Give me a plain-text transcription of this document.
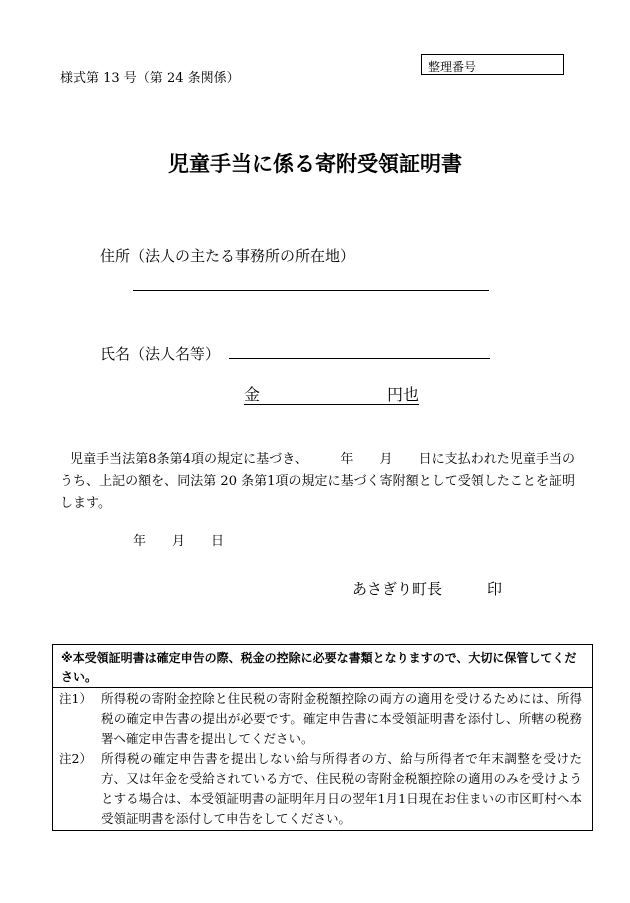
様式第 13 号（第 24 条関係）
整理番号
児童手当に係る寄附受領証明書
住所（法人の主たる事務所の所在地）
氏名（法人名等）
金	円也
児童手当法第8条第4項の規定に基づき、　　　年　　月　　日に支払われた児童手当のうち、上記の額を、同法第 20 条第1項の規定に基づく寄附額として受領したことを証明します。
年　　月　　日
あさぎり町長　　　印
※本受領証明書は確定申告の際、税金の控除に必要な書類となりますので、大切に保管してください。
注1） 所得税の寄附金控除と住民税の寄附金税額控除の両方の適用を受けるためには、所得税の確定申告書の提出が必要です。確定申告書に本受領証明書を添付し、所轄の税務署へ確定申告書を提出してください。
注2） 所得税の確定申告書を提出しない給与所得者の方、給与所得者で年末調整を受けた方、又は年金を受給されている方で、住民税の寄附金税額控除の適用のみを受けようとする場合は、本受領証明書の証明年月日の翌年1月1日現在お住まいの市区町村へ本受領証明書を添付して申告をしてください。
